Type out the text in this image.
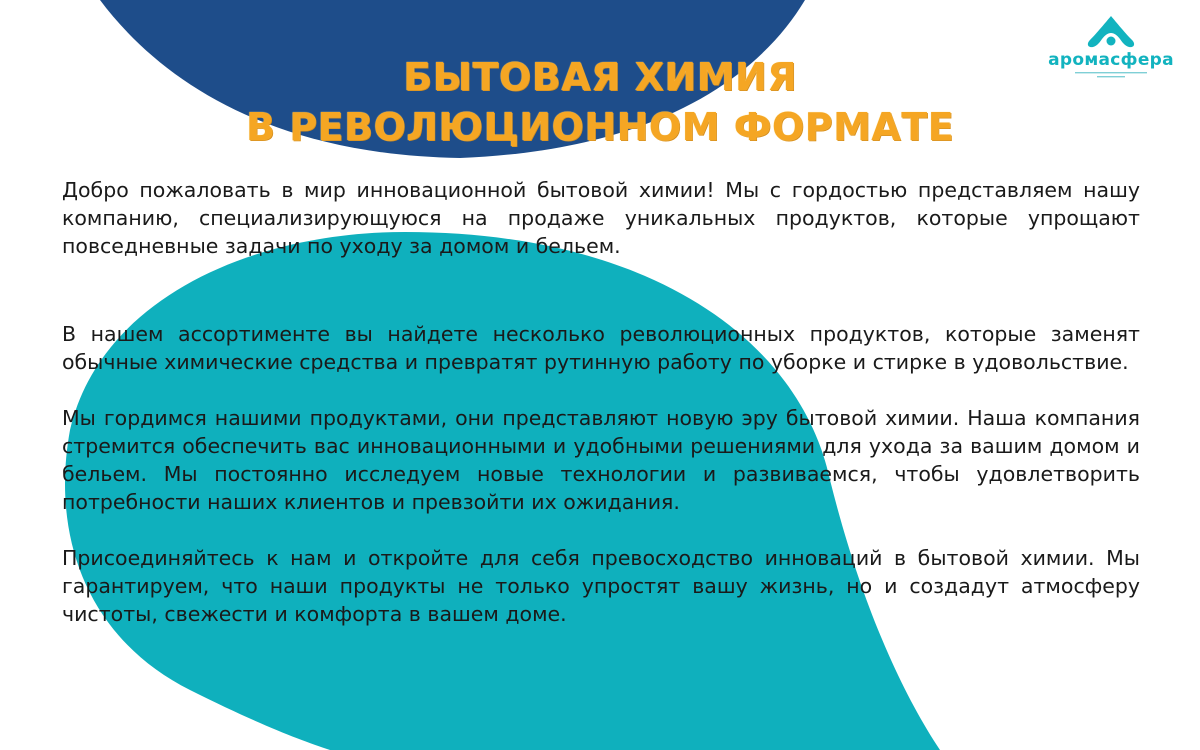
БЫТОВАЯ ХИМИЯ
В РЕВОЛЮЦИОННОМ ФОРМАТЕ
аромасфера

Добро пожаловать в мир инновационной бытовой химии! Мы с гордостью представляем нашу компанию, специализирующуюся на продаже уникальных продуктов, которые упрощают повседневные задачи по уходу за домом и бельем.

В нашем ассортименте вы найдете несколько революционных продуктов, которые заменят обычные химические средства и превратят рутинную работу по уборке и стирке в удовольствие.

Мы гордимся нашими продуктами, они представляют новую эру бытовой химии. Наша компания стремится обеспечить вас инновационными и удобными решениями для ухода за вашим домом и бельем. Мы постоянно исследуем новые технологии и развиваемся, чтобы удовлетворить потребности наших клиентов и превзойти их ожидания.

Присоединяйтесь к нам и откройте для себя превосходство инноваций в бытовой химии. Мы гарантируем, что наши продукты не только упростят вашу жизнь, но и создадут атмосферу чистоты, свежести и комфорта в вашем доме.
